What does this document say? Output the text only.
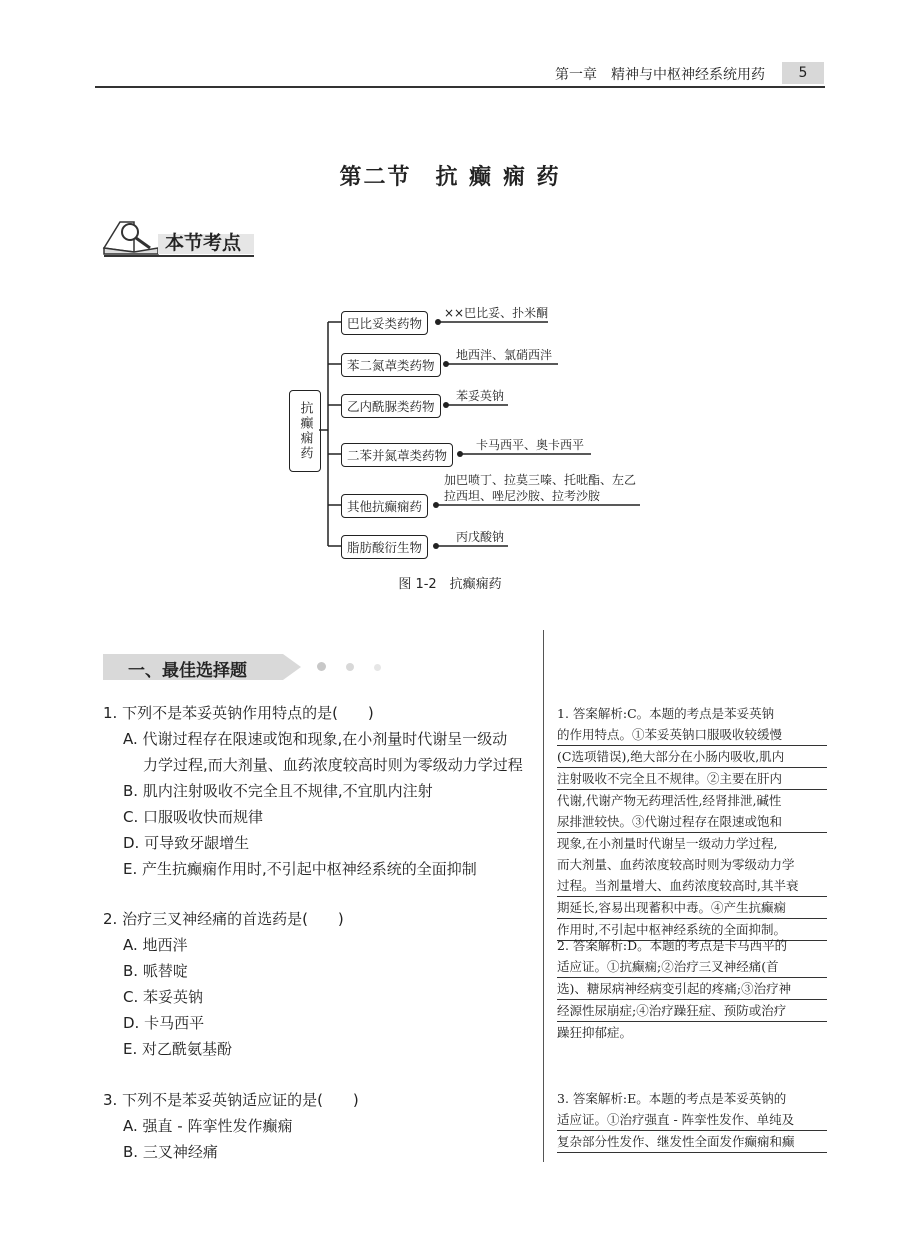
第一章　精神与中枢神经系统用药	5
第二节　抗 癫 痫 药
本节考点
抗癫痫药
巴比妥类药物
××巴比妥、扑米酮
苯二氮䓬类药物
地西泮、氯硝西泮
乙内酰脲类药物
苯妥英钠
二苯并氮䓬类药物
卡马西平、奥卡西平
其他抗癫痫药
加巴喷丁、拉莫三嗪、托吡酯、左乙
拉西坦、唑尼沙胺、拉考沙胺
脂肪酸衍生物
丙戊酸钠
图 1-2　抗癫痫药
一、最佳选择题
1. 下列不是苯妥英钠作用特点的是(　　)
A. 代谢过程存在限速或饱和现象,在小剂量时代谢呈一级动
力学过程,而大剂量、血药浓度较高时则为零级动力学过程
B. 肌内注射吸收不完全且不规律,不宜肌内注射
C. 口服吸收快而规律
D. 可导致牙龈增生
E. 产生抗癫痫作用时,不引起中枢神经系统的全面抑制
2. 治疗三叉神经痛的首选药是(　　)
A. 地西泮
B. 哌替啶
C. 苯妥英钠
D. 卡马西平
E. 对乙酰氨基酚
3. 下列不是苯妥英钠适应证的是(　　)
A. 强直 - 阵挛性发作癫痫
B. 三叉神经痛
1. 答案解析:C。本题的考点是苯妥英钠
的作用特点。①苯妥英钠口服吸收较缓慢
(C选项错误),绝大部分在小肠内吸收,肌内
注射吸收不完全且不规律。②主要在肝内
代谢,代谢产物无药理活性,经肾排泄,碱性
尿排泄较快。③代谢过程存在限速或饱和
现象,在小剂量时代谢呈一级动力学过程,
而大剂量、血药浓度较高时则为零级动力学
过程。当剂量增大、血药浓度较高时,其半衰
期延长,容易出现蓄积中毒。④产生抗癫痫
作用时,不引起中枢神经系统的全面抑制。
2. 答案解析:D。本题的考点是卡马西平的
适应证。①抗癫痫;②治疗三叉神经痛(首
选)、糖尿病神经病变引起的疼痛;③治疗神
经源性尿崩症;④治疗躁狂症、预防或治疗
躁狂抑郁症。
3. 答案解析:E。本题的考点是苯妥英钠的
适应证。①治疗强直 - 阵挛性发作、单纯及
复杂部分性发作、继发性全面发作癫痫和癫
